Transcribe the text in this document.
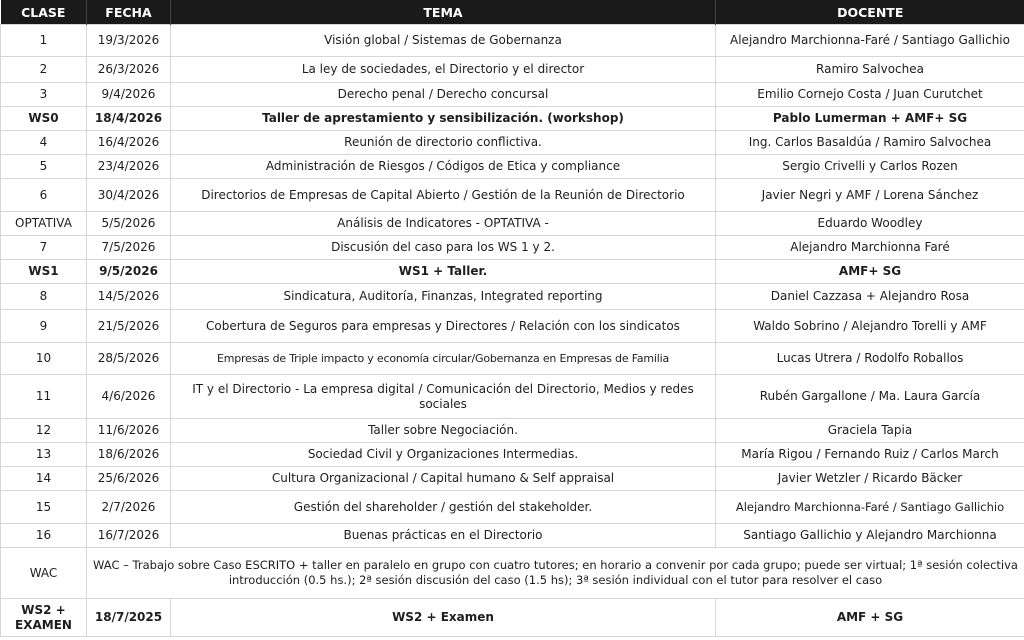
CLASE	FECHA	TEMA	DOCENTE
1	19/3/2026	Visión global / Sistemas de Gobernanza	Alejandro Marchionna-Faré / Santiago Gallichio
2	26/3/2026	La ley de sociedades, el Directorio y el director	Ramiro Salvochea
3	9/4/2026	Derecho penal / Derecho concursal	Emilio Cornejo Costa / Juan Curutchet
WS0	18/4/2026	Taller de aprestamiento y sensibilización. (workshop)	Pablo Lumerman + AMF+ SG
4	16/4/2026	Reunión de directorio conflictiva.	Ing. Carlos Basaldúa / Ramiro Salvochea
5	23/4/2026	Administración de Riesgos / Códigos de Etica y compliance	Sergio Crivelli y Carlos Rozen
6	30/4/2026	Directorios de Empresas de Capital Abierto / Gestión de la Reunión de Directorio	Javier Negri y AMF / Lorena Sánchez
OPTATIVA	5/5/2026	Análisis de Indicatores - OPTATIVA -	Eduardo Woodley
7	7/5/2026	Discusión del caso para los WS 1 y 2.	Alejandro Marchionna Faré
WS1	9/5/2026	WS1 + Taller.	AMF+ SG
8	14/5/2026	Sindicatura, Auditoría, Finanzas, Integrated reporting	Daniel Cazzasa + Alejandro Rosa
9	21/5/2026	Cobertura de Seguros para empresas y Directores / Relación con los sindicatos	Waldo Sobrino / Alejandro Torelli y AMF
10	28/5/2026	Empresas de Triple impacto y economía circular/Gobernanza en Empresas de Familia	Lucas Utrera / Rodolfo Roballos
11	4/6/2026	IT y el Directorio - La empresa digital / Comunicación del Directorio, Medios y redes sociales	Rubén Gargallone / Ma. Laura García
12	11/6/2026	Taller sobre Negociación.	Graciela Tapia
13	18/6/2026	Sociedad Civil y Organizaciones Intermedias.	María Rigou / Fernando Ruiz / Carlos March
14	25/6/2026	Cultura Organizacional / Capital humano & Self appraisal	Javier Wetzler / Ricardo Bäcker
15	2/7/2026	Gestión del shareholder / gestión del stakeholder.	Alejandro Marchionna-Faré / Santiago Gallichio
16	16/7/2026	Buenas prácticas en el Directorio	Santiago Gallichio y Alejandro Marchionna
WAC	WAC – Trabajo sobre Caso ESCRITO + taller en paralelo en grupo con cuatro tutores; en horario a convenir por cada grupo; puede ser virtual; 1ª sesión colectiva introducción (0.5 hs.); 2ª sesión discusión del caso (1.5 hs); 3ª sesión individual con el tutor para resolver el caso		
WS2 + EXAMEN	18/7/2025	WS2 + Examen	AMF + SG
